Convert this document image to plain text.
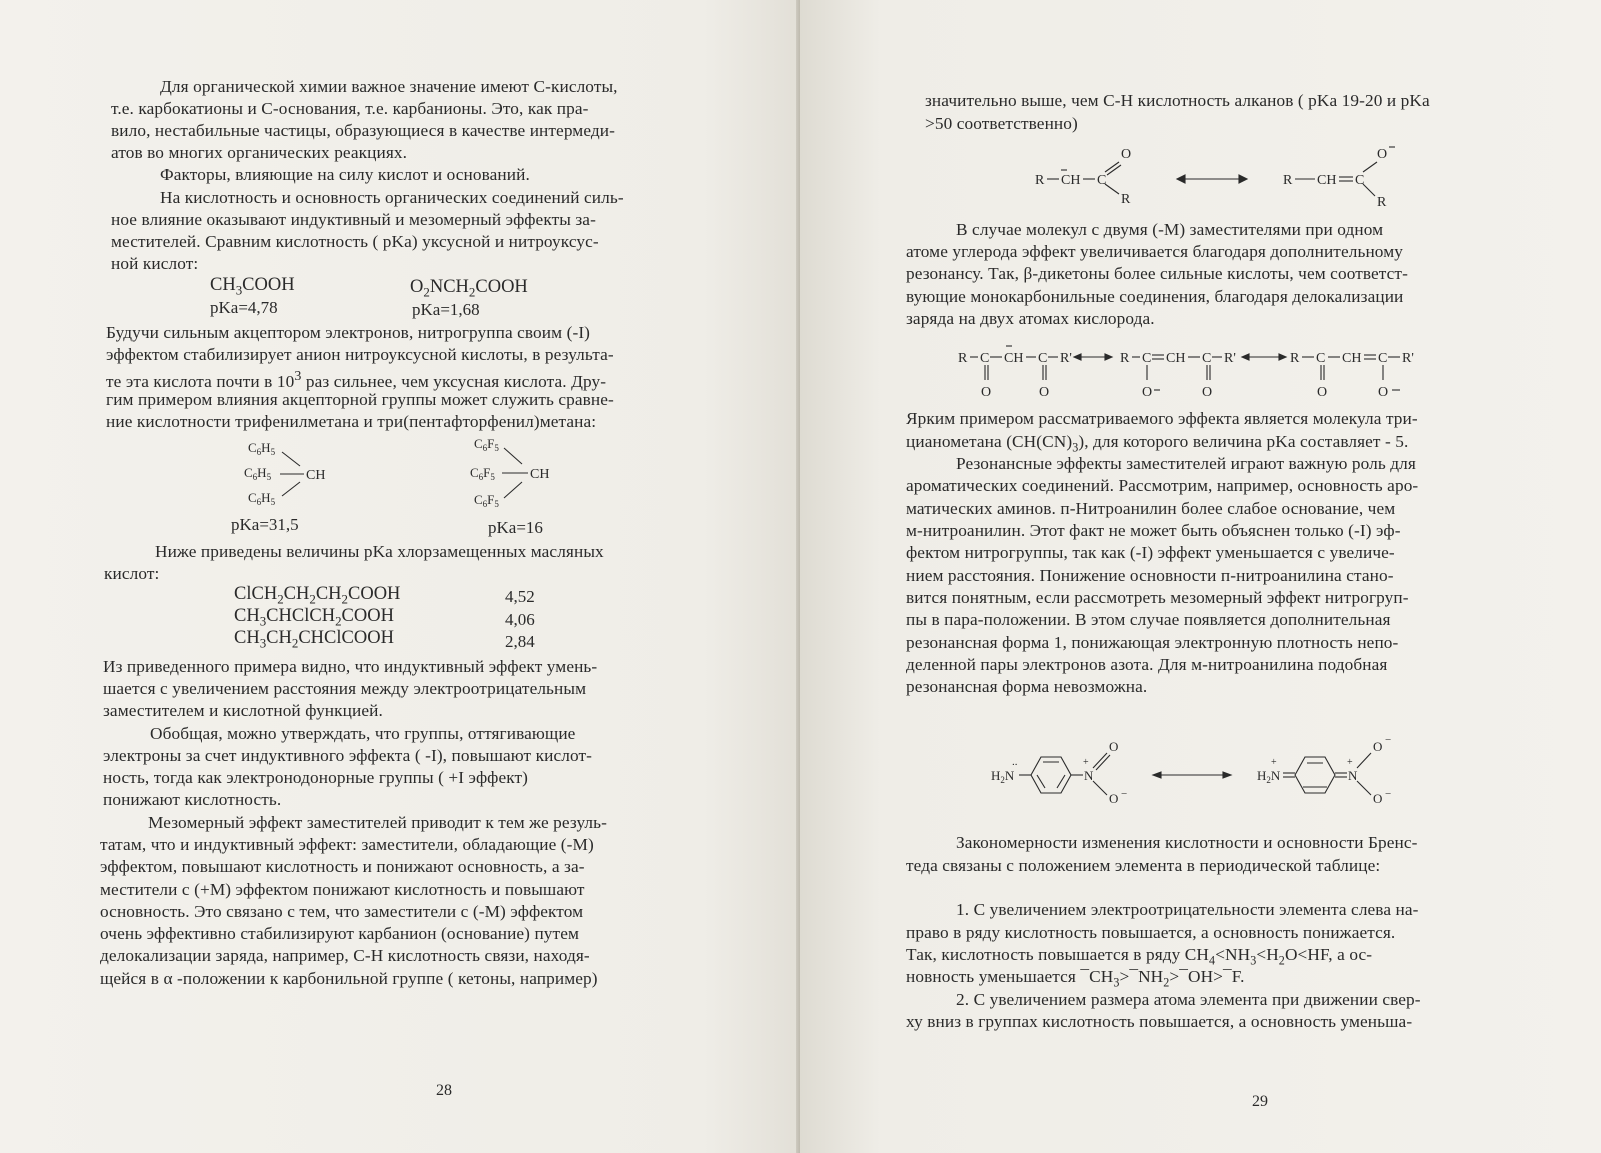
Для органической химии важное значение имеют С-кислоты,
т.е. карбокатионы и С-основания, т.е. карбанионы. Это, как пра-
вило, нестабильные частицы, образующиеся в качестве интермеди-
атов во многих органических реакциях.
Факторы, влияющие на силу кислот и оснований.
На кислотность и основность органических соединений силь-
ное влияние оказывают индуктивный и мезомерный эффекты за-
местителей. Сравним кислотность ( pKa) уксусной и нитроуксус-
ной кислот:
$CH_3COOH$
pKa=4,78
$O_2NCH_2COOH$
pKa=1,68
Будучи сильным акцептором электронов, нитрогруппа своим (-I)
эффектом стабилизирует анион нитроуксусной кислоты, в результа-
те эта кислота почти в $10^3$ раз сильнее, чем уксусная кислота. Дру-
гим примером влияния акцепторной группы может служить сравне-
ние кислотности трифенилметана и три(пентафторфенил)метана:
$C_6H_5$
$C_6H_5$
$C_6H_5$
CH
$C_6F_5$
$C_6F_5$
$C_6F_5$
CH
pKa=31,5	pKa=16
Ниже приведены величины pKa хлорзамещенных масляных
кислот:
$ClCH_2CH_2CH_2COOH$	4,52
$CH_3CHClCH_2COOH$	4,06
$CH_3CH_2CHClCOOH$	2,84
Из приведенного примера видно, что индуктивный эффект умень-
шается с увеличением расстояния между электроотрицательным
заместителем и кислотной функцией.
Обобщая, можно утверждать, что группы, оттягивающие
электроны за счет индуктивного эффекта ( -I), повышают кислот-
ность, тогда как электронодонорные группы ( +I эффект)
понижают кислотность.
Мезомерный эффект заместителей приводит к тем же резуль-
татам, что и индуктивный эффект: заместители, обладающие (-М)
эффектом, повышают кислотность и понижают основность, а за-
местители с (+М) эффектом понижают кислотность и повышают
основность. Это связано с тем, что заместители с (-М) эффектом
очень эффективно стабилизируют карбанион (основание) путем
делокализации заряда, например, С-Н кислотность связи, находя-
щейся в α -положении к карбонильной группе ( кетоны, например)
28
значительно выше, чем С-Н кислотность алканов ( pKa 19-20 и pKa
>50 соответственно)
R CH C
O
R
R CH C
O
R
В случае молекул с двумя (-М) заместителями при одном
атоме углерода эффект увеличивается благодаря дополнительному
резонансу. Так, β-дикетоны более сильные кислоты, чем соответст-
вующие монокарбонильные соединения, благодаря делокализации
заряда на двух атомах кислорода.
R C
O
CH C
O
R'	R C
O
CH C
O
R'	R C
O
CH C
O
R'
Ярким примером рассматриваемого эффекта является молекула три-
цианометана $(CH(CN)_3)$, для которого величина pKa составляет - 5.
Резонансные эффекты заместителей играют важную роль для
ароматических соединений. Рассмотрим, например, основность аро-
матических аминов. п-Нитроанилин более слабое основание, чем
м-нитроанилин. Этот факт не может быть объяснен только (-I) эф-
фектом нитрогруппы, так как (-I) эффект уменьшается с увеличе-
нием расстояния. Понижение основности п-нитроанилина стано-
вится понятным, если рассмотреть мезомерный эффект нитрогруп-
пы в пара-положении. В этом случае появляется дополнительная
резонансная форма 1, понижающая электронную плотность непо-
деленной пары электронов азота. Для м-нитроанилина подобная
резонансная форма невозможна.
$H_2N$
..
N
+
O
O −
$H_2N$
+
N
+
O −
O −
Закономерности изменения кислотности и основности Бренс-
теда связаны с положением элемента в периодической таблице:
1. С увеличением электроотрицательности элемента слева на-
право в ряду кислотность повышается, а основность понижается.
Так, кислотность повышается в ряду $CH_4<NH_3<H_2O<HF$, а ос-
новность уменьшается $¯CH_3>¯NH_2>¯OH>¯F$.
2. С увеличением размера атома элемента при движении свер-
ху вниз в группах кислотность повышается, а основность уменьша-
29
